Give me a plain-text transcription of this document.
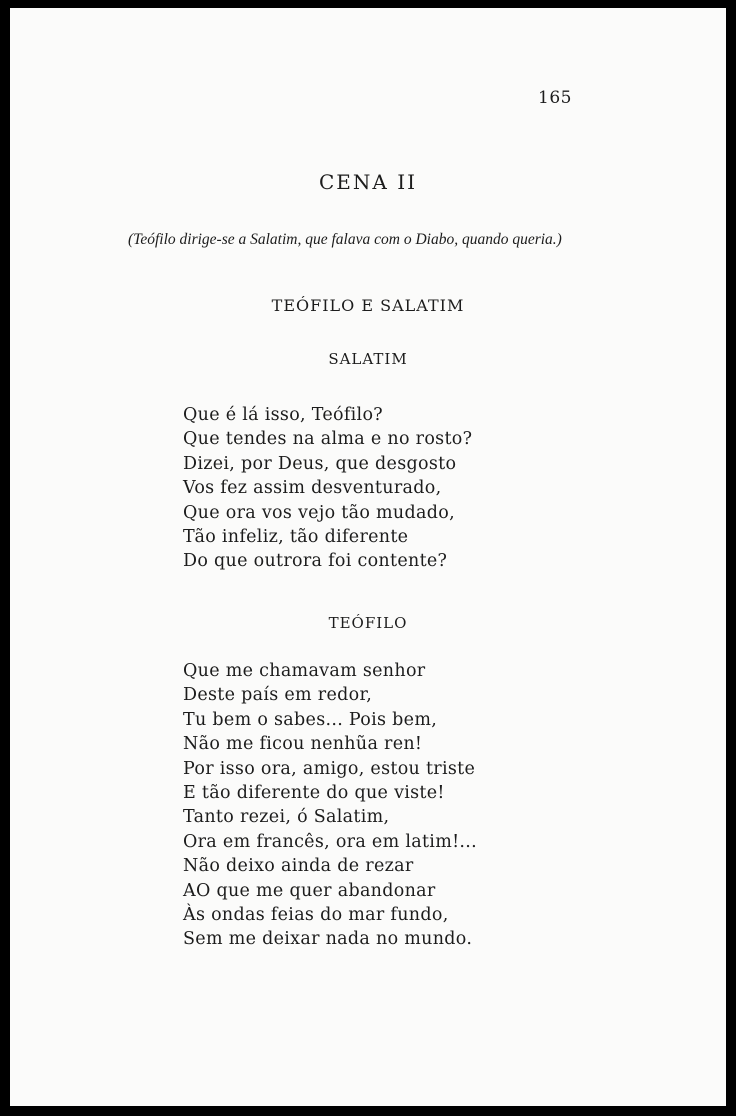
165
CENA II
(Teófilo dirige-se a Salatim, que falava com o Diabo, quando queria.)
TEÓFILO E SALATIM
SALATIM
Que é lá isso, Teófilo?
Que tendes na alma e no rosto?
Dizei, por Deus, que desgosto
Vos fez assim desventurado,
Que ora vos vejo tão mudado,
Tão infeliz, tão diferente
Do que outrora foi contente?
TEÓFILO
Que me chamavam senhor
Deste país em redor,
Tu bem o sabes... Pois bem,
Não me ficou nenhũa ren!
Por isso ora, amigo, estou triste
E tão diferente do que viste!
Tanto rezei, ó Salatim,
Ora em francês, ora em latim!...
Não deixo ainda de rezar
AO que me quer abandonar
Às ondas feias do mar fundo,
Sem me deixar nada no mundo.
